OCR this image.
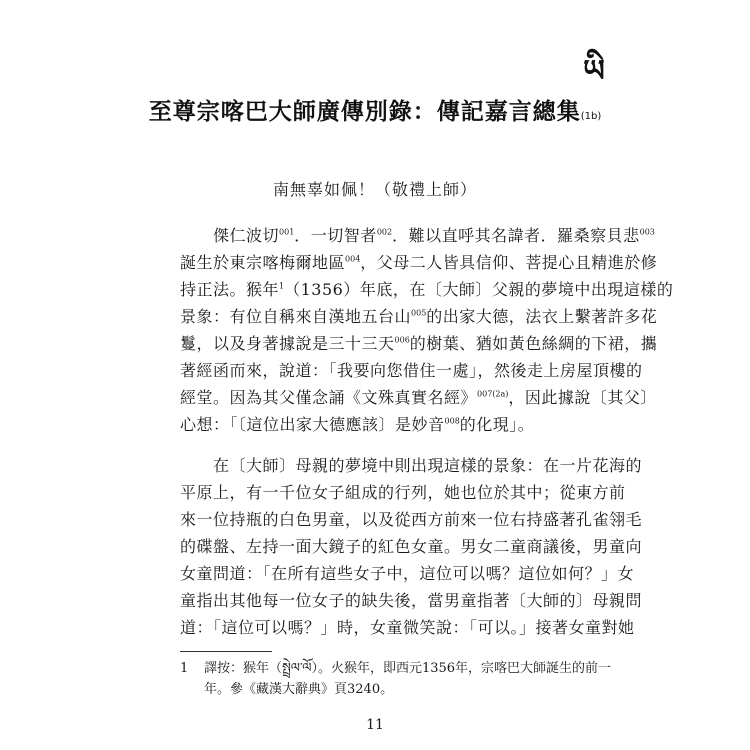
ཡི
至尊宗喀巴大師廣傳別錄：傳記嘉言總集(1b)
南無辜如佩！（敬禮上師）
　　傑仁波切$^{001}$．一切智者$^{002}$．難以直呼其名諱者．羅桑察貝悲$^{003}$
誕生於東宗喀梅爾地區$^{004}$，父母二人皆具信仰、菩提心且精進於修
持正法。猴年$^1$（1356）年底，在〔大師〕父親的夢境中出現這樣的
景象：有位自稱來自漢地五台山$^{005}$的出家大德，法衣上繫著許多花
鬘，以及身著據說是三十三天$^{006}$的樹葉、猶如黃色絲綢的下裙，攜
著經函而來，說道：「我要向您借住一處」，然後走上房屋頂樓的
經堂。因為其父僅念誦《文殊真實名經》$^{007(2a)}$，因此據說〔其父〕
心想：「〔這位出家大德應該〕是妙音$^{008}$的化現」。
　　在〔大師〕母親的夢境中則出現這樣的景象：在一片花海的
平原上，有一千位女子組成的行列，她也位於其中；從東方前
來一位持瓶的白色男童，以及從西方前來一位右持盛著孔雀翎毛
的碟盤、左持一面大鏡子的紅色女童。男女二童商議後，男童向
女童問道：「在所有這些女子中，這位可以嗎？這位如何？」女
童指出其他每一位女子的缺失後，當男童指著〔大師的〕母親問
道：「這位可以嗎？」時，女童微笑說：「可以。」接著女童對她
1 譯按：猴年（སྤྲེལ་ལོ）。火猴年，即西元1356年，宗喀巴大師誕生的前一
年。參《藏漢大辭典》頁3240。
11
